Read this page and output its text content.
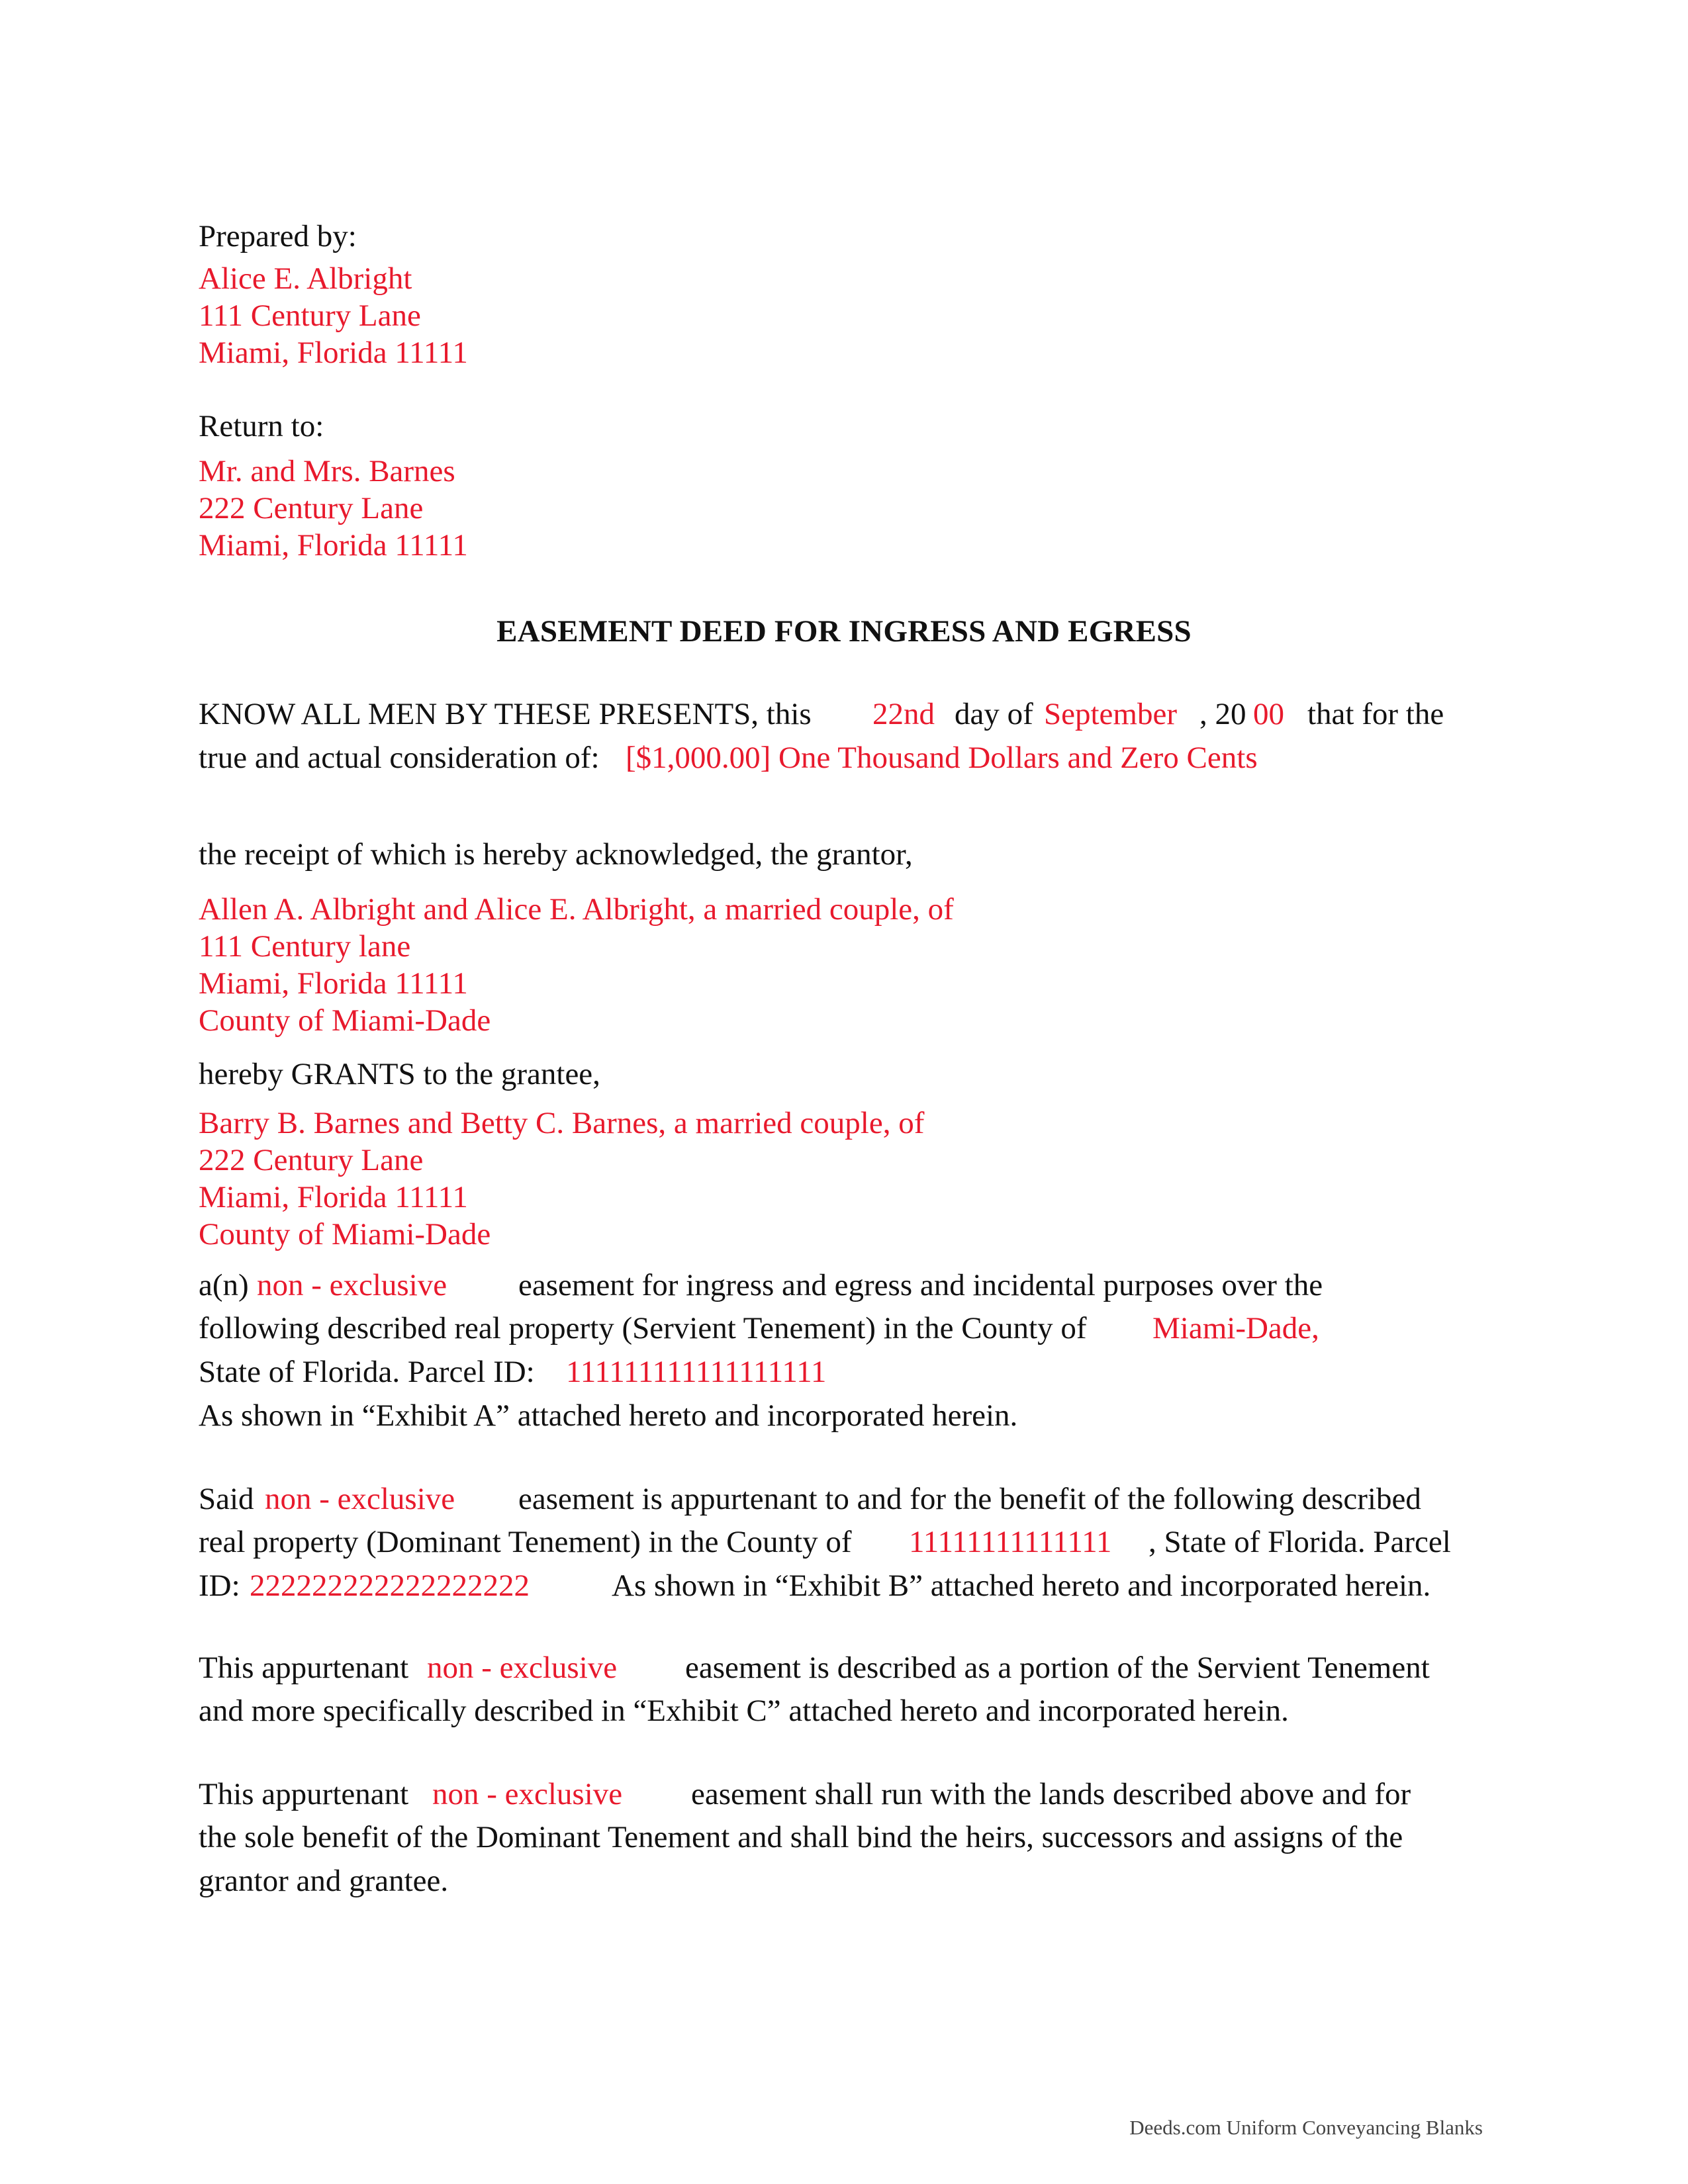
Prepared by:
Alice E. Albright
111 Century Lane
Miami, Florida 11111
Return to:
Mr. and Mrs. Barnes
222 Century Lane
Miami, Florida 11111
EASEMENT DEED FOR INGRESS AND EGRESS
KNOW ALL MEN BY THESE PRESENTS, this 22nd day of September , 20 00 that for the
true and actual consideration of: [$1,000.00] One Thousand Dollars and Zero Cents
the receipt of which is hereby acknowledged, the grantor,
Allen A. Albright and Alice E. Albright, a married couple, of
111 Century lane
Miami, Florida 11111
County of Miami-Dade
hereby GRANTS to the grantee,
Barry B. Barnes and Betty C. Barnes, a married couple, of
222 Century Lane
Miami, Florida 11111
County of Miami-Dade
a(n) non - exclusive easement for ingress and egress and incidental purposes over the
following described real property (Servient Tenement) in the County of Miami-Dade,
State of Florida. Parcel ID: 111111111111111111
As shown in “Exhibit A” attached hereto and incorporated herein.
Said non - exclusive easement is appurtenant to and for the benefit of the following described
real property (Dominant Tenement) in the County of 11111111111111 , State of Florida. Parcel
ID: 222222222222222222	As shown in “Exhibit B” attached hereto and incorporated herein.
This appurtenant non - exclusive easement is described as a portion of the Servient Tenement
and more specifically described in “Exhibit C” attached hereto and incorporated herein.
This appurtenant non - exclusive easement shall run with the lands described above and for
the sole benefit of the Dominant Tenement and shall bind the heirs, successors and assigns of the
grantor and grantee.
Deeds.com Uniform Conveyancing Blanks
